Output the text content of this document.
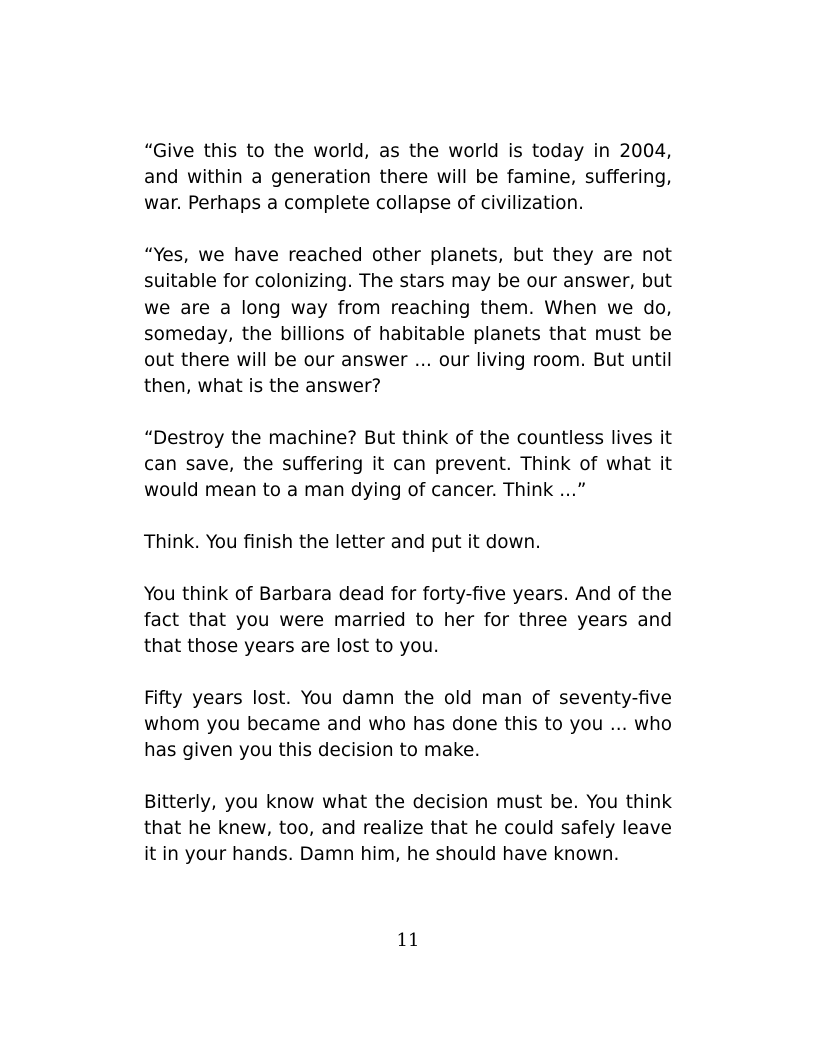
“Give this to the world, as the world is today in 2004, and within a generation there will be famine, suffering, war. Perhaps a complete collapse of civilization.

“Yes, we have reached other planets, but they are not suitable for colonizing. The stars may be our answer, but we are a long way from reaching them. When we do, someday, the billions of habitable planets that must be out there will be our answer ... our living room. But until then, what is the answer?

“Destroy the machine? But think of the countless lives it can save, the suffering it can prevent. Think of what it would mean to a man dying of cancer. Think ...”

Think. You finish the letter and put it down.

You think of Barbara dead for forty-five years. And of the fact that you were married to her for three years and that those years are lost to you.

Fifty years lost. You damn the old man of seventy-five whom you became and who has done this to you ... who has given you this decision to make.

Bitterly, you know what the decision must be. You think that he knew, too, and realize that he could safely leave it in your hands. Damn him, he should have known.

11
